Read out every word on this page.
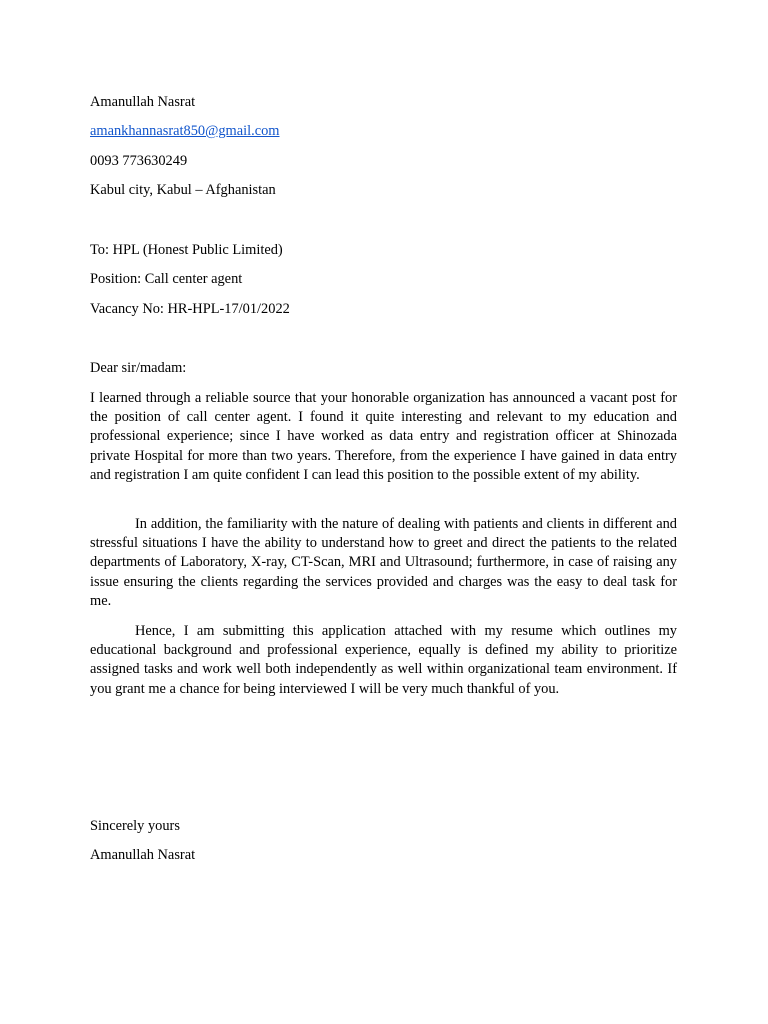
Amanullah Nasrat
amankhannasrat850@gmail.com
0093 773630249
Kabul city, Kabul – Afghanistan
To: HPL (Honest Public Limited)
Position: Call center agent
Vacancy No: HR-HPL-17/01/2022
Dear sir/madam:

I learned through a reliable source that your honorable organization has announced a vacant post for the position of call center agent. I found it quite interesting and relevant to my education and professional experience; since I have worked as data entry and registration officer at Shinozada private Hospital for more than two years. Therefore, from the experience I have gained in data entry and registration I am quite confident I can lead this position to the possible extent of my ability.

In addition, the familiarity with the nature of dealing with patients and clients in different and stressful situations I have the ability to understand how to greet and direct the patients to the related departments of Laboratory, X-ray, CT-Scan, MRI and Ultrasound; furthermore, in case of raising any issue ensuring the clients regarding the services provided and charges was the easy to deal task for me.

Hence, I am submitting this application attached with my resume which outlines my educational background and professional experience, equally is defined my ability to prioritize assigned tasks and work well both independently as well within organizational team environment. If you grant me a chance for being interviewed I will be very much thankful of you.

Sincerely yours
Amanullah Nasrat
